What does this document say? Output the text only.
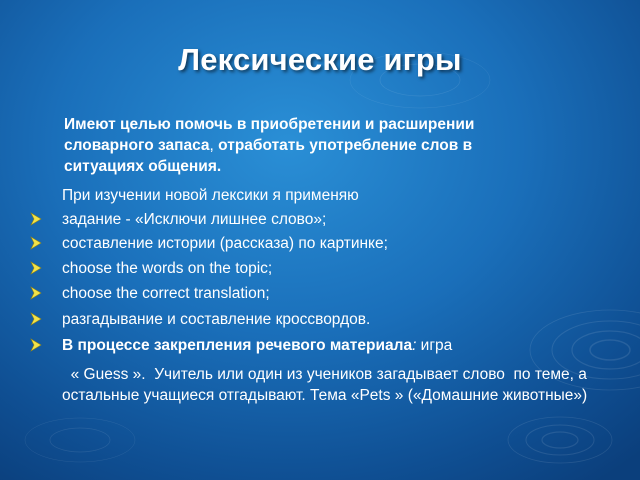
Лексические игры
Имеют целью помочь в приобретении и расширении словарного запаса, отработать употребление слов в ситуациях общения.
При изучении новой лексики я применяю
задание - «Исключи лишнее слово»;
составление истории (рассказа) по картинке;
choose the words on the topic;
choose the correct translation;
разгадывание и составление кроссвордов.
В процессе закрепления речевого материала: игра
« Guess ».  Учитель или один из учеников загадывает слово  по теме, а остальные учащиеся отгадывают. Тема «Pets » («Домашние животные»)
